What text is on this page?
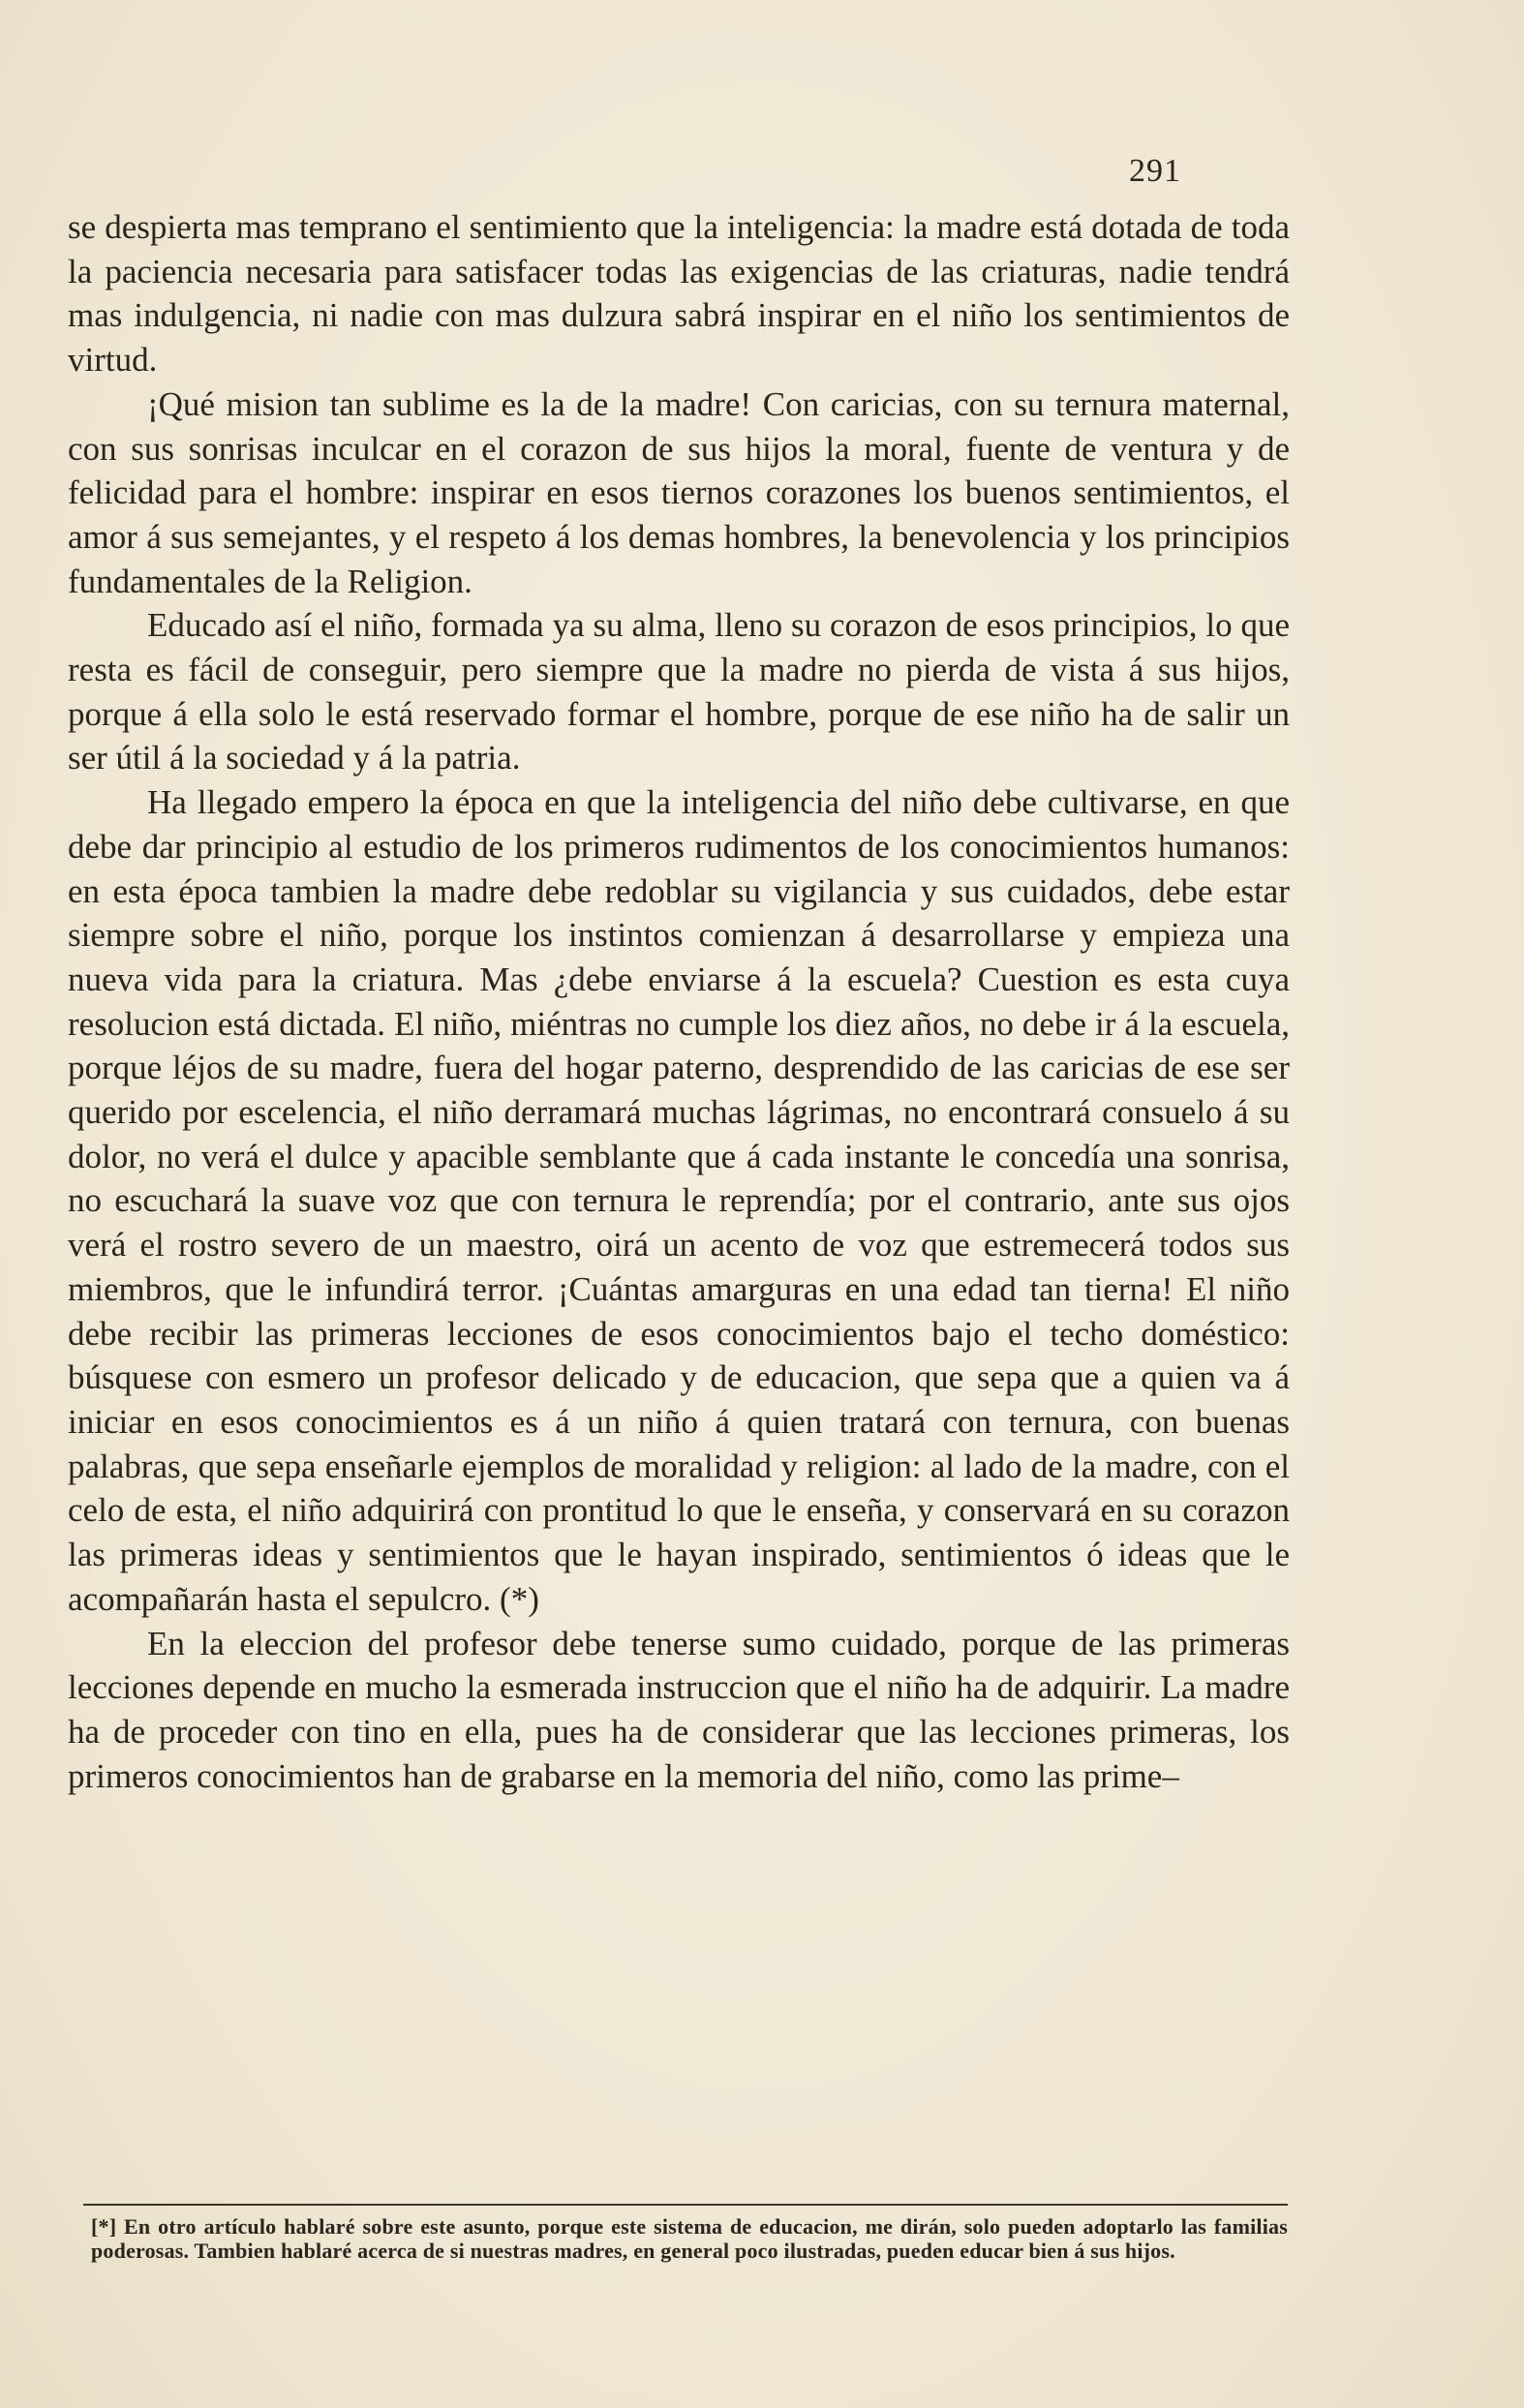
291

se despierta mas temprano el sentimiento que la inteligencia: la madre está dotada de toda la paciencia necesaria para satisfacer todas las exigencias de las criaturas, nadie tendrá mas indulgencia, ni nadie con mas dulzura sabrá inspirar en el niño los sentimientos de virtud.

¡Qué mision tan sublime es la de la madre! Con caricias, con su ternura maternal, con sus sonrisas inculcar en el corazon de sus hijos la moral, fuente de ventura y de felicidad para el hombre: inspirar en esos tiernos corazones los buenos sentimientos, el amor á sus semejantes, y el respeto á los demas hombres, la benevolencia y los principios fundamentales de la Religion.

Educado así el niño, formada ya su alma, lleno su corazon de esos principios, lo que resta es fácil de conseguir, pero siempre que la madre no pierda de vista á sus hijos, porque á ella solo le está reservado formar el hombre, porque de ese niño ha de salir un ser útil á la sociedad y á la patria.

Ha llegado empero la época en que la inteligencia del niño debe cultivarse, en que debe dar principio al estudio de los primeros rudimentos de los conocimientos humanos: en esta época tambien la madre debe redoblar su vigilancia y sus cuidados, debe estar siempre sobre el niño, porque los instintos comienzan á desarrollarse y empieza una nueva vida para la criatura. Mas ¿debe enviarse á la escuela? Cuestion es esta cuya resolucion está dictada. El niño, miéntras no cumple los diez años, no debe ir á la escuela, porque léjos de su madre, fuera del hogar paterno, desprendido de las caricias de ese ser querido por escelencia, el niño derramará muchas lágrimas, no encontrará consuelo á su dolor, no verá el dulce y apacible semblante que á cada instante le concedía una sonrisa, no escuchará la suave voz que con ternura le reprendía; por el contrario, ante sus ojos verá el rostro severo de un maestro, oirá un acento de voz que estremecerá todos sus miembros, que le infundirá terror. ¡Cuántas amarguras en una edad tan tierna! El niño debe recibir las primeras lecciones de esos conocimientos bajo el techo doméstico: búsquese con esmero un profesor delicado y de educacion, que sepa que a quien va á iniciar en esos conocimientos es á un niño á quien tratará con ternura, con buenas palabras, que sepa enseñarle ejemplos de moralidad y religion: al lado de la madre, con el celo de esta, el niño adquirirá con prontitud lo que le enseña, y conservará en su corazon las primeras ideas y sentimientos que le hayan inspirado, sentimientos ó ideas que le acompañarán hasta el sepulcro. (*)

En la eleccion del profesor debe tenerse sumo cuidado, porque de las primeras lecciones depende en mucho la esmerada instruccion que el niño ha de adquirir. La madre ha de proceder con tino en ella, pues ha de considerar que las lecciones primeras, los primeros conocimientos han de grabarse en la memoria del niño, como las prime–

[*] En otro artículo hablaré sobre este asunto, porque este sistema de educacion, me dirán, solo pueden adoptarlo las familias poderosas. Tambien hablaré acerca de si nuestras madres, en general poco ilustradas, pueden educar bien á sus hijos.
